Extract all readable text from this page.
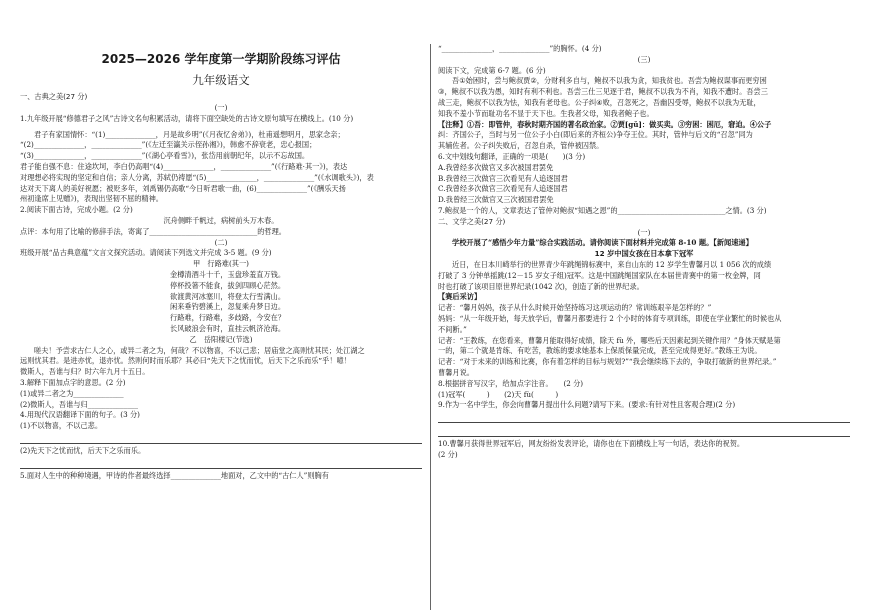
2025—2026 学年度第一学期阶段练习评估
九年级语文
一、古典之美(27 分)
(一)
1.九年级开展“修德君子之风”古诗文名句积累活动，请将下面空缺处的古诗文原句填写在横线上。(10 分)
君子有家国情怀：“(1)______________，月是故乡明”(《月夜忆舍弟》)，杜甫遥想明月，思家念亲；
“(2)______________，______________”(《左迁至瀛关示侄孙湘》)，韩愈不辞衰老，忠心报国；
“(3)______________，______________”(《湖心亭看雪》)，张岱用前朝纪年，以示不忘故国。
君子能自强不息：住途坎坷，李白仍高唱“(4)______________，______________”(《行路难·其一》)，表达
对理想必将实现的坚定和自信；亲人分离，苏轼仍祷愿“(5)______________，______________”(《水调歌头》)，表
达对天下离人的美好祝愿；被贬多年，刘禹锡仍高歌“今日听君歌一曲，(6)______________”(《酬乐天扬
州初逢席上见赠》)，表现出坚韧不屈的精神。
2.阅读下面古诗，完成小题。(2 分)
沉舟侧畔千帆过，病树前头万木春。
点评：本句用了比喻的修辞手法，寄寓了______________________________的哲理。
(二)
班级开展“品古典意蕴”文言文探究活动。请阅读下列选文并完成 3-5 题。(9 分)
甲　行路难(其一)
金樽清酒斗十千，玉盘珍羞直万钱。
停杯投箸不能食，拔剑四顾心茫然。
欲渡黄河冰塞川，将登太行雪满山。
闲来垂钓碧溪上，忽复乘舟梦日边。
行路难，行路难，多歧路，今安在？
长风破浪会有时，直挂云帆济沧海。
乙　岳阳楼记(节选)
嗟夫！予尝求古仁人之心，或异二者之为，何哉？不以物喜，不以己悲；居庙堂之高则忧其民；处江湖之
远则忧其君。是进亦忧，退亦忧。然则何时而乐耶？其必曰“先天下之忧而忧，后天下之乐而乐”乎！噫！
微斯人，吾谁与归？时六年九月十五日。
3.解释下面加点字的意思。(2 分)
(1)或异二者之为______________
(2)微斯人，吾谁与归______________
4.用现代汉语翻译下面的句子。(3 分)
(1)不以物喜，不以己悲。
(2)先天下之忧而忧，后天下之乐而乐。
5.面对人生中的种种境遇，甲诗的作者最终选择______________地面对，乙文中的“古仁人”则胸有
“______________，______________”的胸怀。(4 分)
(三)
阅读下文，完成第 6-7 题。(6 分)
吾①始困时，尝与鲍叔贾②，分财利多自与，鲍叔不以我为贪，知我贫也。吾尝为鲍叔谋事而更穷困
③，鲍叔不以我为愚，知时有利不利也。吾尝三仕三见逐于君，鲍叔不以我为不肖，知我不遭时。吾尝三
战三走，鲍叔不以我为怯，知我有老母也。公子纠④败，召忽死之，吾幽囚受辱，鲍叔不以我为无耻，
知我不羞小节而耻功名不显于天下也。生我者父母，知我者鲍子也。
【注释】①吾：即管仲，春秋时期齐国的著名政治家。②贾[gǔ]：做买卖。③穷困：困厄，窘迫。④公子
纠：齐国公子，当时与另一位公子小白(即后来的齐桓公)争夺王位。其时，管仲与后文的“召忽”同为
其辅佐者。公子纠失败后，召忽自杀，管仲被囚禁。
6.文中划线句翻译，正确的一项是(　　)(3 分)
A.我曾经多次做官又多次被国君罢免
B.我曾经三次做官三次看见有人追逐国君
C.我曾经多次做官三次看见有人追逐国君
D.我曾经三次做官又三次被国君罢免
7.鲍叔是一个的人，文章表达了管仲对鲍叔“知遇之恩”的______________________________之情。(3 分)
二、文学之美(27 分)
(一)
学校开展了“感悟少年力量”综合实践活动。请你阅读下面材料并完成第 8-10 题。【新闻速递】
12 岁中国女孩在日本拿下冠军
近日，在日本川崎举行的世界青少年跳绳锦标赛中，来自山东的 12 岁学生曹馨月以 1 056 次的成绩
打破了 3 分钟单摇跳(12－15 岁女子组)冠军。这是中国跳绳国家队在本届世青赛中的第一枚金牌，同
时也打破了该项目原世界纪录(1042 次)，创造了新的世界纪录。
【赛后采访】
记者：“馨月妈妈，孩子从什么时候开始坚持练习这项运动的？常训练艰辛是怎样的？”
妈妈：“从一年级开始，每天放学后，曹馨月都要进行 2 个小时的体育专项训练，即使在学业繁忙的时候也从
不间断。”
记者：“王教练，在您看来，曹馨月能取得好成绩，除天 fù 外，哪些后天因素起到关键作用？”身体天赋是第
一的，第二个就是肯练、有吃苦，教练的要求她基本上保质保量完成，甚至完成得更好。”教练王为说。
记者：“对于未来的训练和比赛，你有着怎样的目标与规划?”“我会继续练下去的，争取打破新的世界纪录。”
曹馨月说。
8.根据拼音写汉字，给加点字注音。　　(2 分)
(1)冠军(　　　)　　(2)天 fù(　　　)
9.作为一名中学生，你会向曹馨月提出什么问题?请写下来。(要求:有针对性且客观合理)(2 分)
10.曹馨月获得世界冠军后，网友纷纷发表评论，请你也在下面横线上写一句话，表达你的祝贺。
(2 分)
